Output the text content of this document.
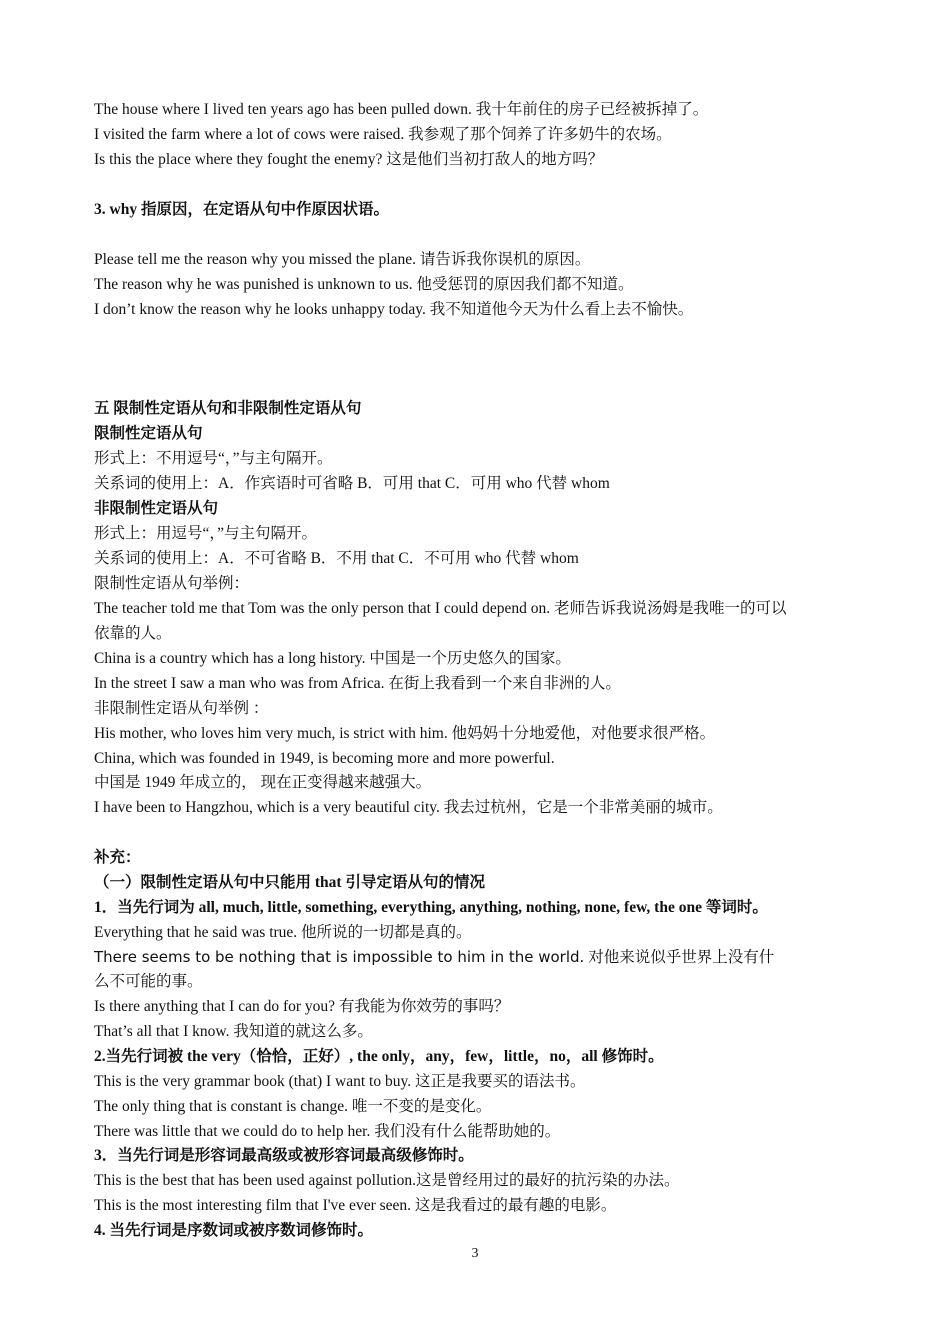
The house where I lived ten years ago has been pulled down. 我十年前住的房子已经被拆掉了。
I visited the farm where a lot of cows were raised. 我参观了那个饲养了许多奶牛的农场。
Is this the place where they fought the enemy? 这是他们当初打敌人的地方吗？
3. why 指原因，在定语从句中作原因状语。
Please tell me the reason why you missed the plane. 请告诉我你误机的原因。
The reason why he was punished is unknown to us. 他受惩罚的原因我们都不知道。
I don’t know the reason why he looks unhappy today. 我不知道他今天为什么看上去不愉快。
五 限制性定语从句和非限制性定语从句
限制性定语从句
形式上：不用逗号“，”与主句隔开。
关系词的使用上：A．作宾语时可省略 B．可用 that C．可用 who 代替 whom
非限制性定语从句
形式上：用逗号“，”与主句隔开。
关系词的使用上：A．不可省略 B．不用 that C．不可用 who 代替 whom
限制性定语从句举例：
The teacher told me that Tom was the only person that I could depend on. 老师告诉我说汤姆是我唯一的可以
依靠的人。
China is a country which has a long history. 中国是一个历史悠久的国家。
In the street I saw a man who was from Africa. 在街上我看到一个来自非洲的人。
非限制性定语从句举例 ：
His mother, who loves him very much, is strict with him. 他妈妈十分地爱他，对他要求很严格。
China, which was founded in 1949, is becoming more and more powerful.
中国是 1949 年成立的， 现在正变得越来越强大。
I have been to Hangzhou, which is a very beautiful city. 我去过杭州，它是一个非常美丽的城市。
补充：
（一）限制性定语从句中只能用 that 引导定语从句的情况
1．当先行词为 all, much, little, something, everything, anything, nothing, none, few, the one 等词时。
Everything that he said was true. 他所说的一切都是真的。
There seems to be nothing that is impossible to him in the world. 对他来说似乎世界上没有什
么不可能的事。
Is there anything that I can do for you? 有我能为你效劳的事吗？
That’s all that I know. 我知道的就这么多。
2.当先行词被 the very（恰恰，正好）, the only，any，few，little，no，all 修饰时。
This is the very grammar book (that) I want to buy. 这正是我要买的语法书。
The only thing that is constant is change. 唯一不变的是变化。
There was little that we could do to help her. 我们没有什么能帮助她的。
3．当先行词是形容词最高级或被形容词最高级修饰时。
This is the best that has been used against pollution.这是曾经用过的最好的抗污染的办法。
This is the most interesting film that I've ever seen. 这是我看过的最有趣的电影。
4. 当先行词是序数词或被序数词修饰时。
3
